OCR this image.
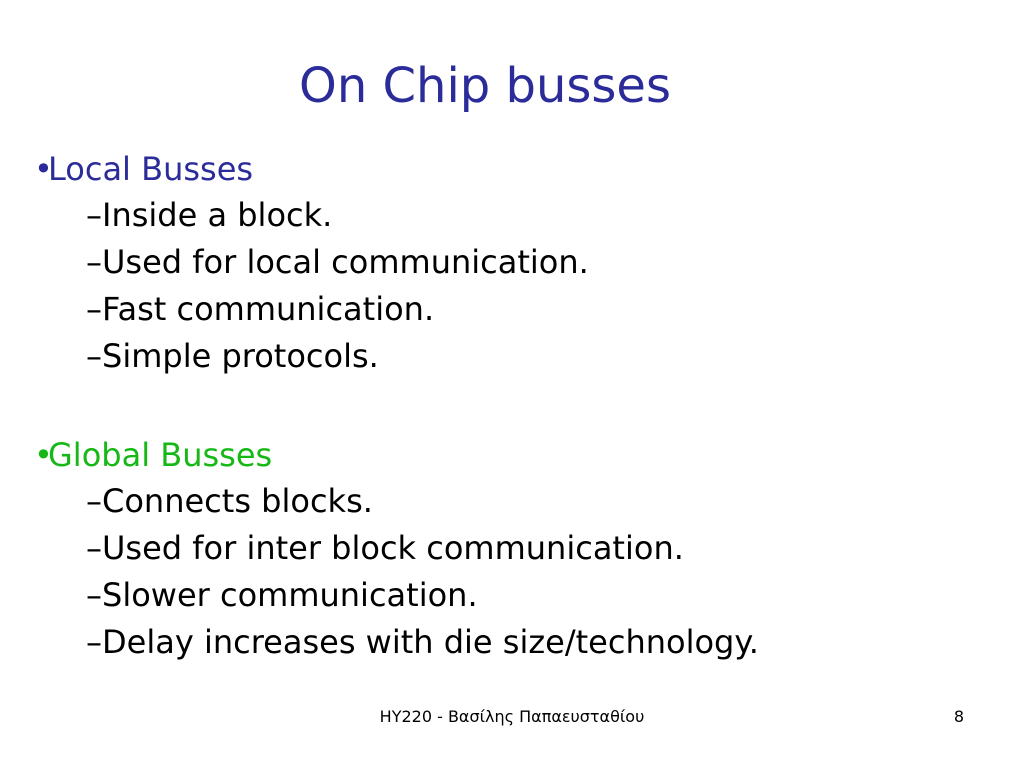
On Chip busses
•Local Busses
–Inside a block.
–Used for local communication.
–Fast communication.
–Simple protocols.
•Global Busses
–Connects blocks.
–Used for inter block communication.
–Slower communication.
–Delay increases with die size/technology.
HY220 - Βασίλης Παπαευσταθίου	8
